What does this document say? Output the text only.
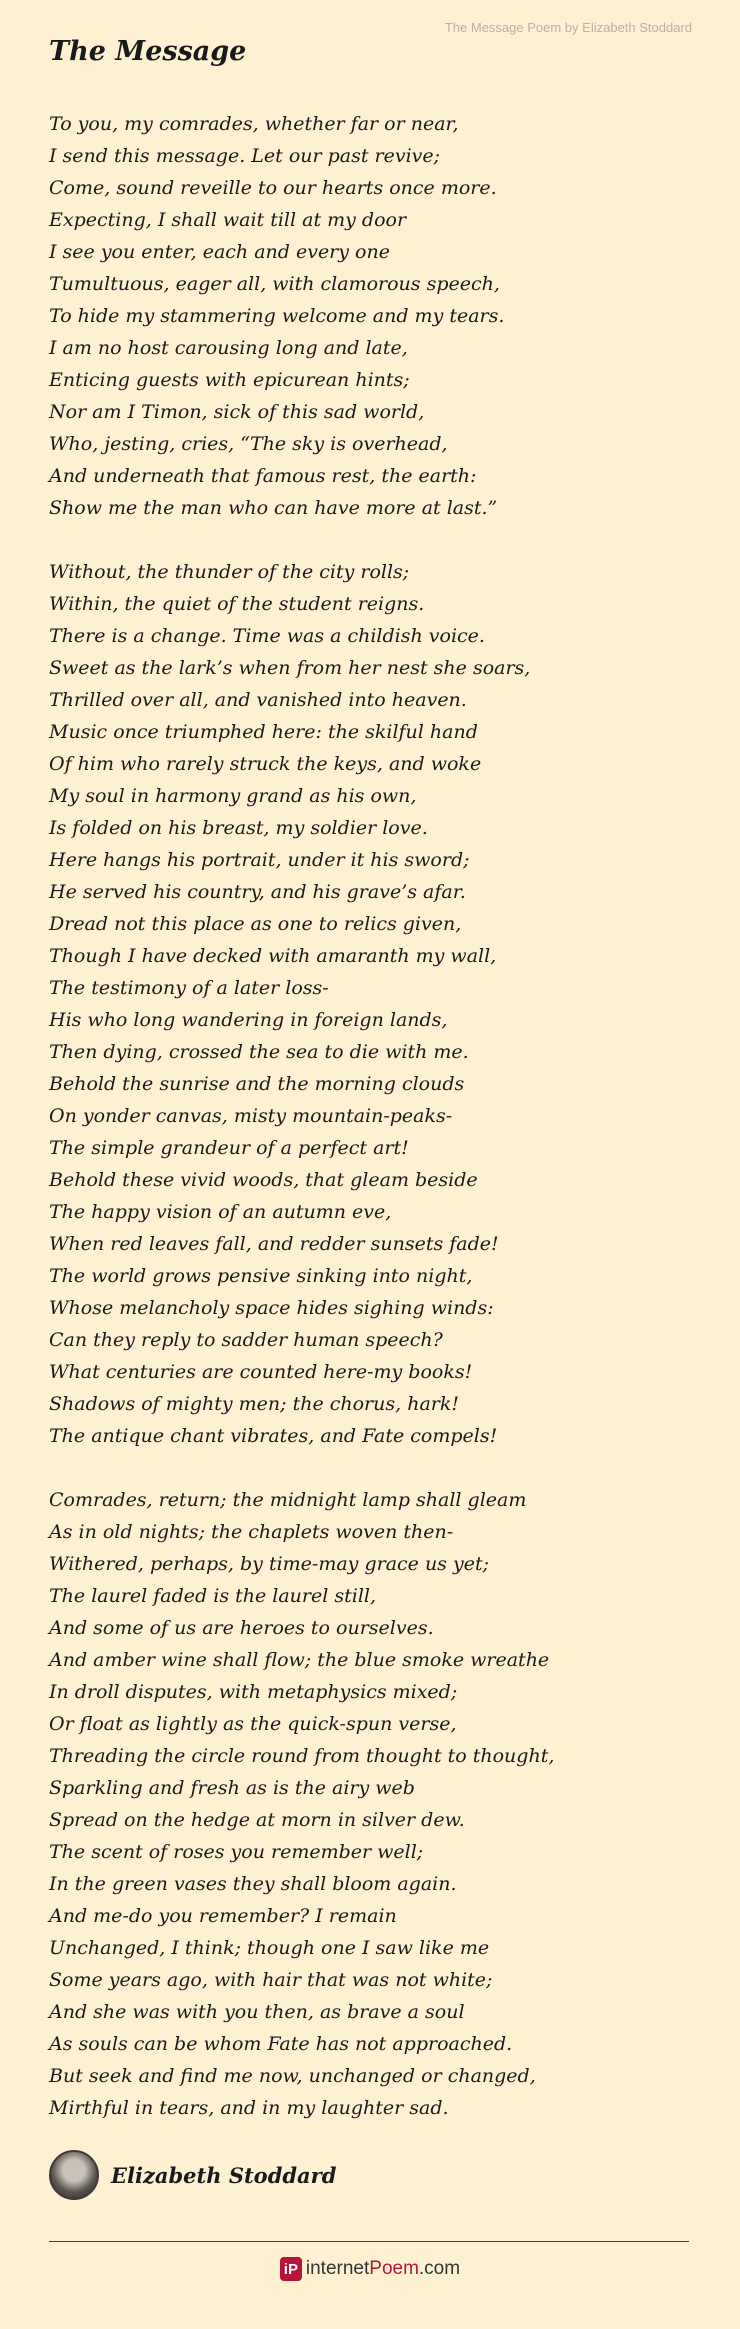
The Message Poem by Elizabeth Stoddard
The Message
To you, my comrades, whether far or near,
I send this message. Let our past revive;
Come, sound reveille to our hearts once more.
Expecting, I shall wait till at my door
I see you enter, each and every one
Tumultuous, eager all, with clamorous speech,
To hide my stammering welcome and my tears.
I am no host carousing long and late,
Enticing guests with epicurean hints;
Nor am I Timon, sick of this sad world,
Who, jesting, cries, “The sky is overhead,
And underneath that famous rest, the earth:
Show me the man who can have more at last.”
Without, the thunder of the city rolls;
Within, the quiet of the student reigns.
There is a change. Time was a childish voice.
Sweet as the lark’s when from her nest she soars,
Thrilled over all, and vanished into heaven.
Music once triumphed here: the skilful hand
Of him who rarely struck the keys, and woke
My soul in harmony grand as his own,
Is folded on his breast, my soldier love.
Here hangs his portrait, under it his sword;
He served his country, and his grave’s afar.
Dread not this place as one to relics given,
Though I have decked with amaranth my wall,
The testimony of a later loss-
His who long wandering in foreign lands,
Then dying, crossed the sea to die with me.
Behold the sunrise and the morning clouds
On yonder canvas, misty mountain-peaks-
The simple grandeur of a perfect art!
Behold these vivid woods, that gleam beside
The happy vision of an autumn eve,
When red leaves fall, and redder sunsets fade!
The world grows pensive sinking into night,
Whose melancholy space hides sighing winds:
Can they reply to sadder human speech?
What centuries are counted here-my books!
Shadows of mighty men; the chorus, hark!
The antique chant vibrates, and Fate compels!
Comrades, return; the midnight lamp shall gleam
As in old nights; the chaplets woven then-
Withered, perhaps, by time-may grace us yet;
The laurel faded is the laurel still,
And some of us are heroes to ourselves.
And amber wine shall flow; the blue smoke wreathe
In droll disputes, with metaphysics mixed;
Or float as lightly as the quick-spun verse,
Threading the circle round from thought to thought,
Sparkling and fresh as is the airy web
Spread on the hedge at morn in silver dew.
The scent of roses you remember well;
In the green vases they shall bloom again.
And me-do you remember? I remain
Unchanged, I think; though one I saw like me
Some years ago, with hair that was not white;
And she was with you then, as brave a soul
As souls can be whom Fate has not approached.
But seek and find me now, unchanged or changed,
Mirthful in tears, and in my laughter sad.
Elizabeth Stoddard
iP internet Poem .com
